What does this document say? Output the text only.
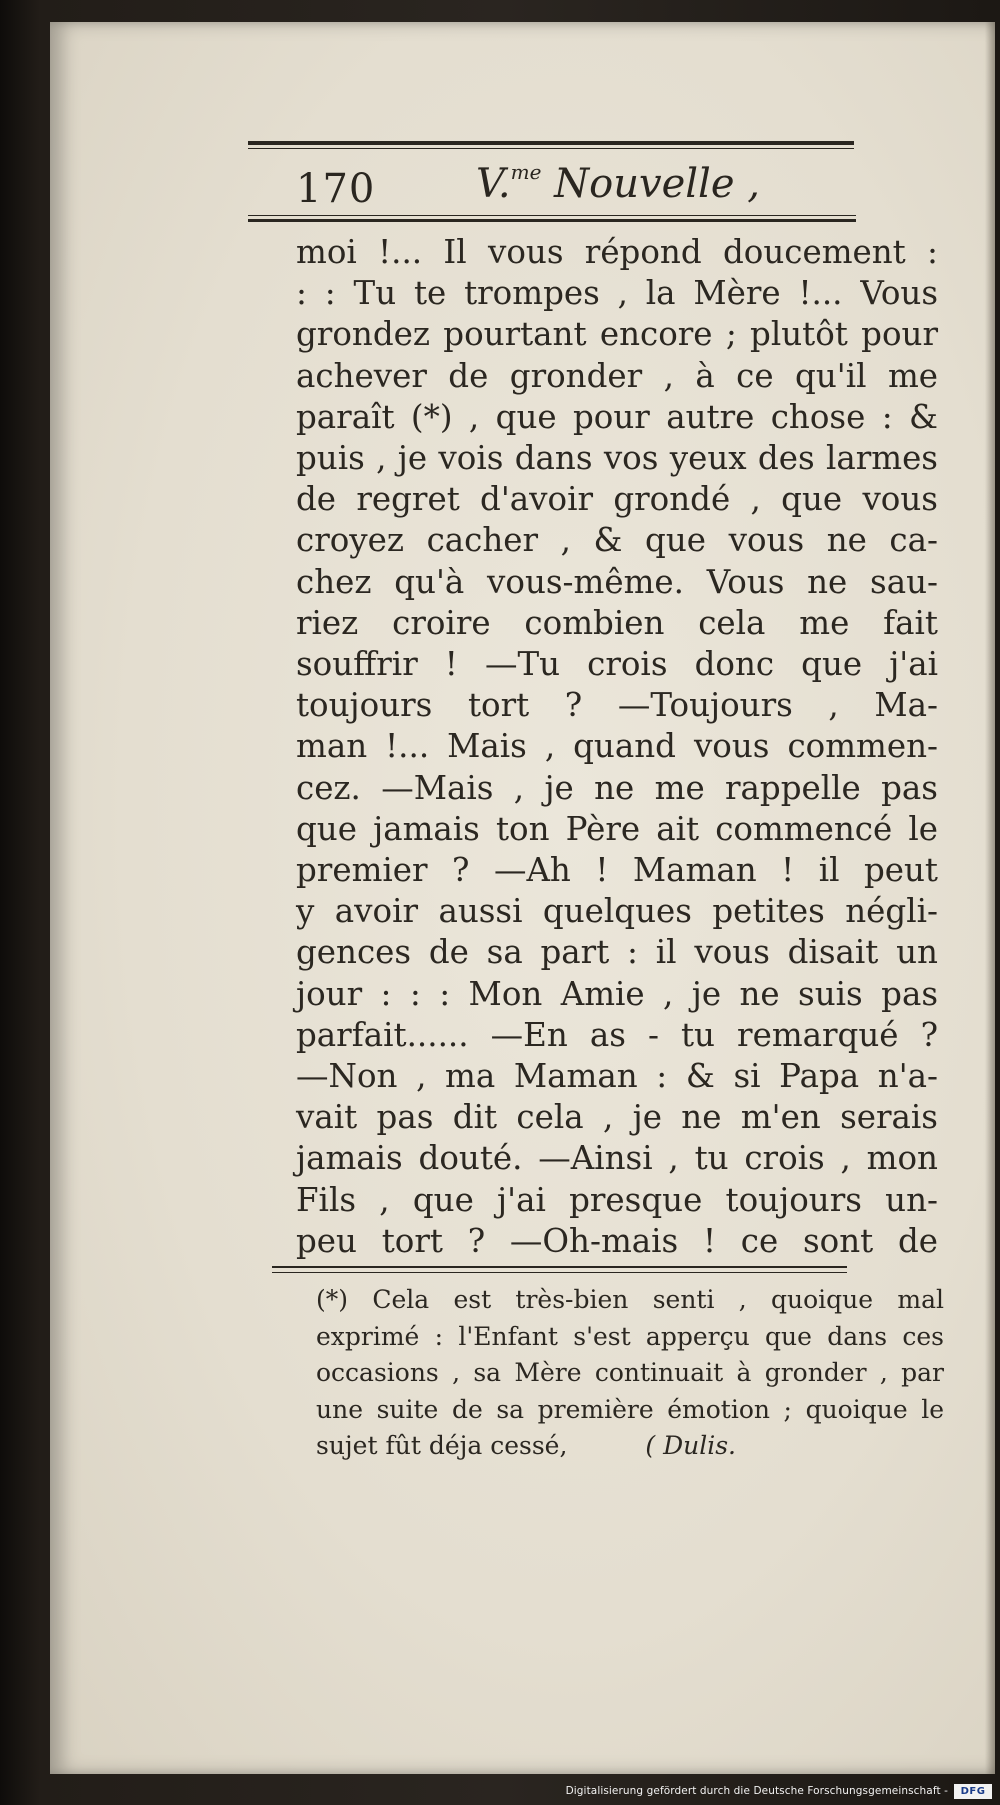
170	V.$^{me}$ Nouvelle ,
moi !... Il vous répond doucement :
: : Tu te trompes , la Mère !... Vous
grondez pourtant encore ; plutôt pour
achever de gronder , à ce qu'il me
paraît (*) , que pour autre chose : &
puis , je vois dans vos yeux des larmes
de regret d'avoir grondé , que vous
croyez cacher , & que vous ne ca-
chez qu'à vous-même. Vous ne sau-
riez croire combien cela me fait
souffrir ! —Tu crois donc que j'ai
toujours tort ? —Toujours , Ma-
man !... Mais , quand vous commen-
cez. —Mais , je ne me rappelle pas
que jamais ton Père ait commencé le
premier ? —Ah ! Maman ! il peut
y avoir aussi quelques petites négli-
gences de sa part : il vous disait un
jour : : : Mon Amie , je ne suis pas
parfait...... —En as - tu remarqué ?
—Non , ma Maman : & si Papa n'a-
vait pas dit cela , je ne m'en serais
jamais douté. —Ainsi , tu crois , mon
Fils , que j'ai presque toujours un-
peu tort ? —Oh-mais ! ce sont de
(*) Cela est très-bien senti , quoique mal
exprimé : l'Enfant s'est apperçu que dans ces
occasions , sa Mère continuait à gronder , par
une suite de sa première émotion ; quoique le
sujet fût déja cessé,	( Dulis.
Digitalisierung gefördert durch die Deutsche Forschungsgemeinschaft -	DFG
